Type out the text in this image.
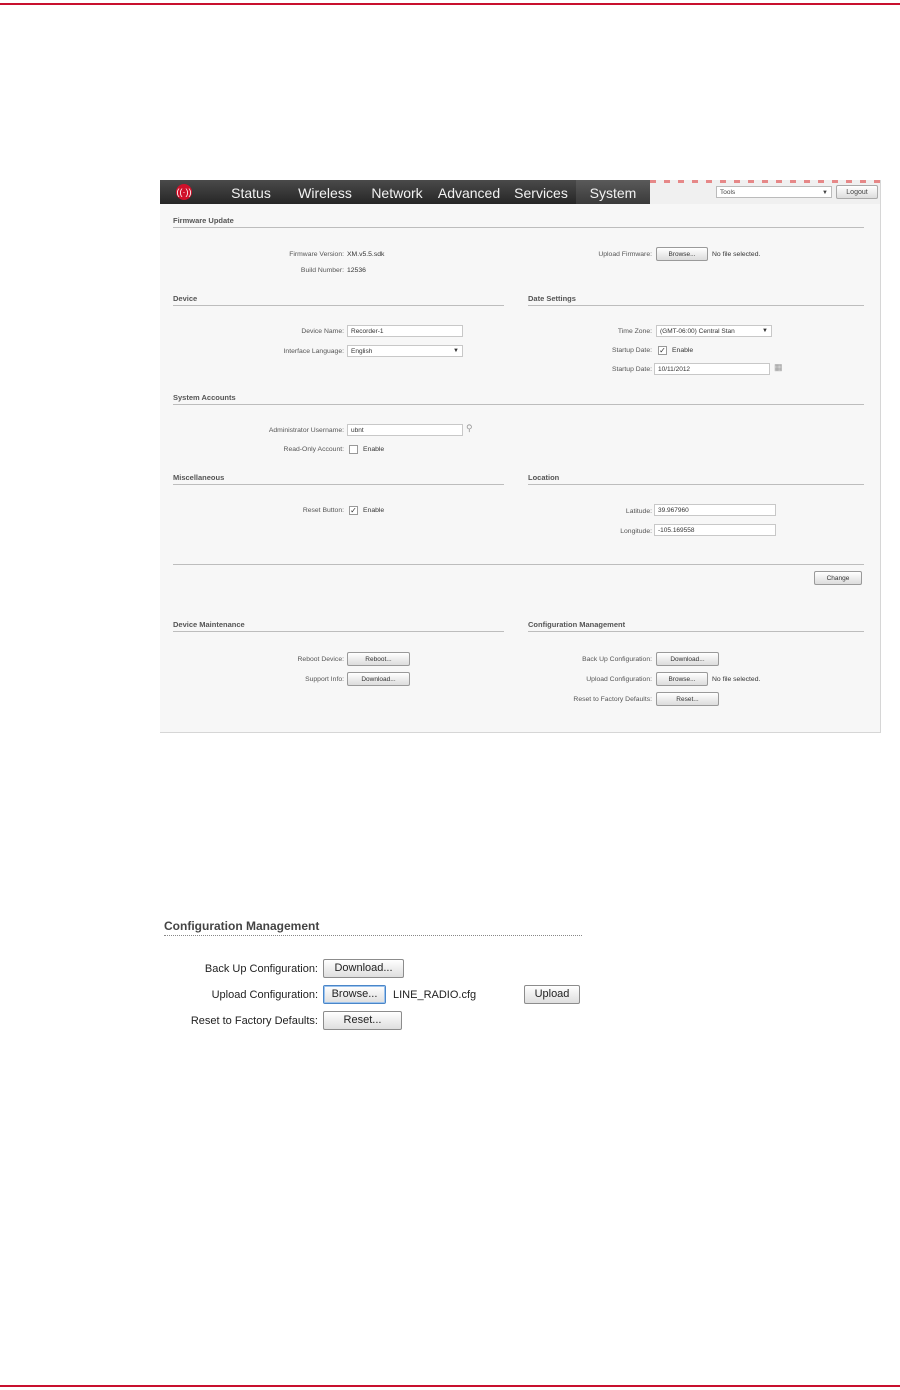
((·))	Status	Wireless	Network	Advanced Services	System	Tools	▼	Logout
Firmware Update
Firmware Version: XM.v5.5.sdk
Build Number: 12536
Upload Firmware:	Browse...	No file selected.
Device
Device Name:	Recorder-1
Interface Language:	English	▼
Date Settings
Time Zone:	(GMT-06:00) Central Stan	▼
Startup Date: ✓ Enable
Startup Date: 10/11/2012	▦
System Accounts
Administrator Username:	ubnt	⚲
Read-Only Account:	Enable
Miscellaneous
Reset Button: ✓ Enable
Location
Latitude: 39.967960
Longitude: -105.169558
Change
Device Maintenance
Reboot Device:	Reboot...
Support Info:	Download...
Configuration Management
Back Up Configuration:	Download...
Upload Configuration:	Browse...	No file selected.
Reset to Factory Defaults:	Reset...
Configuration Management
Back Up Configuration:	Download...
Upload Configuration:	Browse...	LINE_RADIO.cfg	Upload
Reset to Factory Defaults:	Reset...
